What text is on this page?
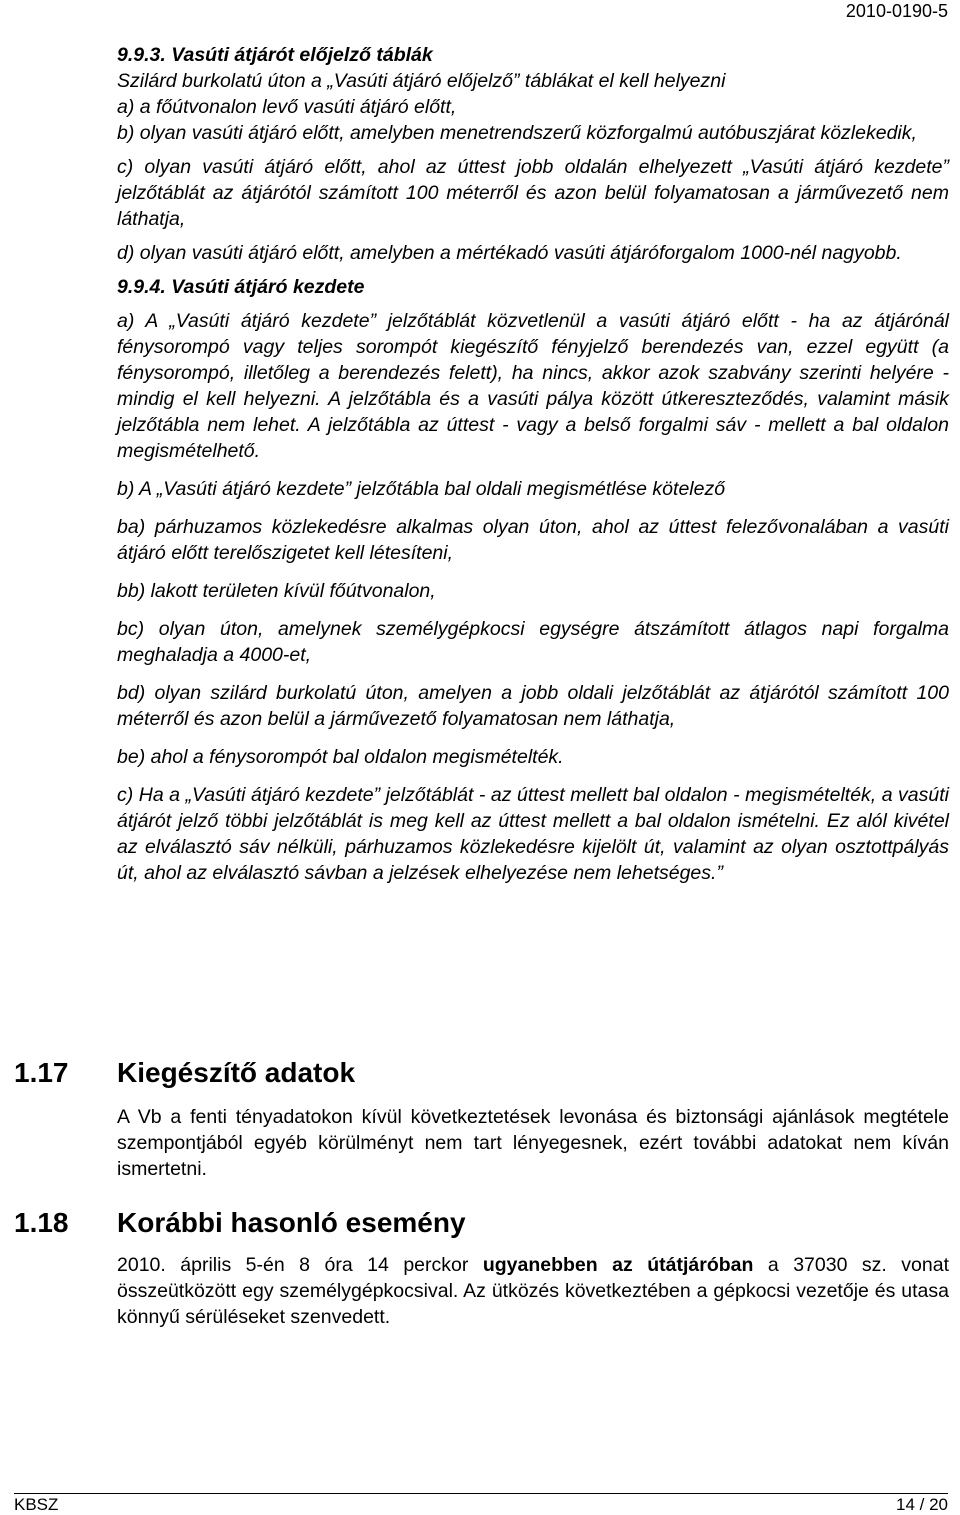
2010-0190-5

9.9.3. Vasúti átjárót előjelző táblák

Szilárd burkolatú úton a „Vasúti átjáró előjelző” táblákat el kell helyezni

a) a főútvonalon levő vasúti átjáró előtt,

b) olyan vasúti átjáró előtt, amelyben menetrendszerű közforgalmú autóbuszjárat közlekedik,

c) olyan vasúti átjáró előtt, ahol az úttest jobb oldalán elhelyezett „Vasúti átjáró kezdete” jelzőtáblát az átjárótól számított 100 méterről és azon belül folyamatosan a járművezető nem láthatja,

d) olyan vasúti átjáró előtt, amelyben a mértékadó vasúti átjáróforgalom 1000-nél nagyobb.

9.9.4. Vasúti átjáró kezdete

a) A „Vasúti átjáró kezdete” jelzőtáblát közvetlenül a vasúti átjáró előtt - ha az átjárónál fénysorompó vagy teljes sorompót kiegészítő fényjelző berendezés van, ezzel együtt (a fénysorompó, illetőleg a berendezés felett), ha nincs, akkor azok szabvány szerinti helyére - mindig el kell helyezni. A jelzőtábla és a vasúti pálya között útkereszteződés, valamint másik jelzőtábla nem lehet. A jelzőtábla az úttest - vagy a belső forgalmi sáv - mellett a bal oldalon megismételhető.

b) A „Vasúti átjáró kezdete” jelzőtábla bal oldali megismétlése kötelező

ba) párhuzamos közlekedésre alkalmas olyan úton, ahol az úttest felezővonalában a vasúti átjáró előtt terelőszigetet kell létesíteni,

bb) lakott területen kívül főútvonalon,

bc) olyan úton, amelynek személygépkocsi egységre átszámított átlagos napi forgalma meghaladja a 4000-et,

bd) olyan szilárd burkolatú úton, amelyen a jobb oldali jelzőtáblát az átjárótól számított 100 méterről és azon belül a járművezető folyamatosan nem láthatja,

be) ahol a fénysorompót bal oldalon megismételték.

c) Ha a „Vasúti átjáró kezdete” jelzőtáblát - az úttest mellett bal oldalon - megismételték, a vasúti átjárót jelző többi jelzőtáblát is meg kell az úttest mellett a bal oldalon ismételni. Ez alól kivétel az elválasztó sáv nélküli, párhuzamos közlekedésre kijelölt út, valamint az olyan osztottpályás út, ahol az elválasztó sávban a jelzések elhelyezése nem lehetséges.”

1.17 Kiegészítő adatok

A Vb a fenti tényadatokon kívül következtetések levonása és biztonsági ajánlások megtétele szempontjából egyéb körülményt nem tart lényegesnek, ezért további adatokat nem kíván ismertetni.

1.18 Korábbi hasonló esemény

2010. április 5-én 8 óra 14 perckor ugyanebben az útátjáróban a 37030 sz. vonat összeütközött egy személygépkocsival. Az ütközés következtében a gépkocsi vezetője és utasa könnyű sérüléseket szenvedett.

KBSZ	14 / 20
